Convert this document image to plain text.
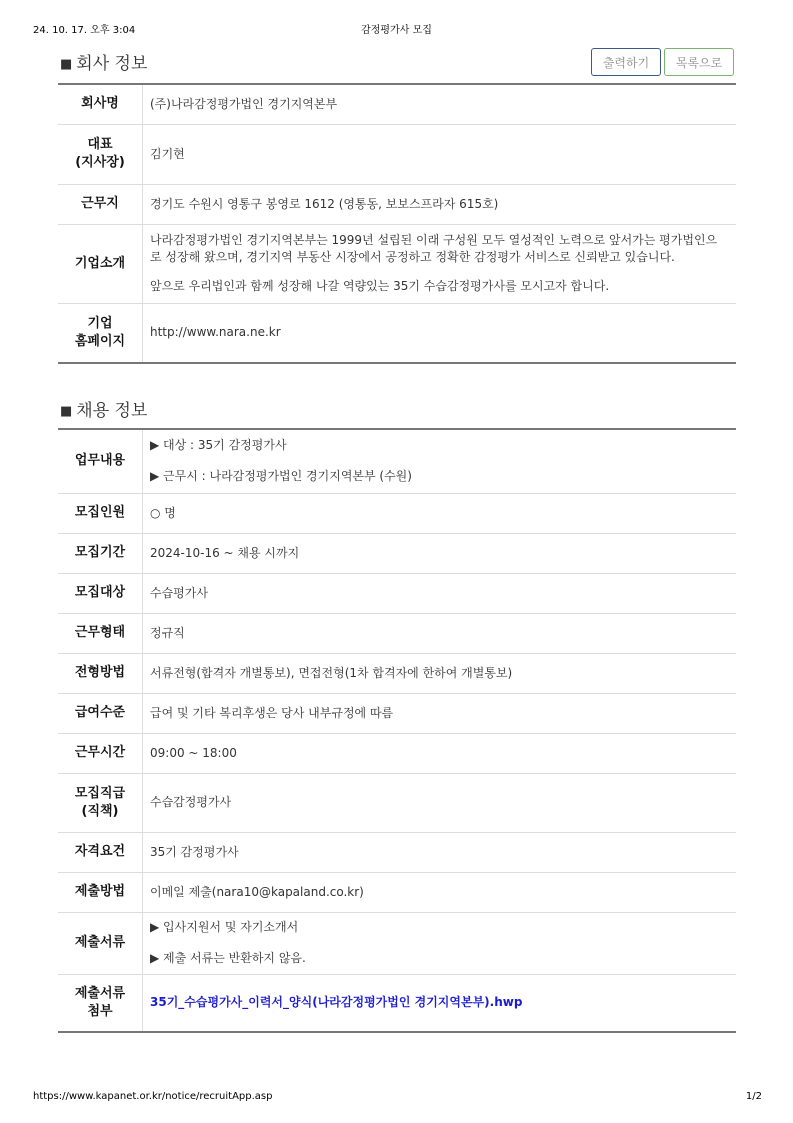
24. 10. 17. 오후 3:04	감정평가사 모집
■ 회사 정보	출력하기	목록으로
회사명	(주)나라감정평가법인 경기지역본부

대표
(지사장)	김기현
근무지	경기도 수원시 영통구 봉영로 1612 (영통동, 보보스프라자 615호)
기업소개	나라감정평가법인 경기지역본부는 1999년 설립된 이래 구성원 모두 열성적인 노력으로 앞서가는 평가법인으로 성장해 왔으며, 경기지역 부동산 시장에서 공정하고 정확한 감정평가 서비스로 신뢰받고 있습니다.
앞으로 우리법인과 함께 성장해 나갈 역량있는 35기 수습감정평가사를 모시고자 합니다.

기업
홈페이지	http://www.nara.ne.kr
■ 채용 정보
업무내용	▶ 대상 : 35기 감정평가사
▶ 근무시 : 나라감정평가법인 경기지역본부 (수원)

모집인원	○ 명
모집기간	2024-10-16 ~ 채용 시까지
모집대상	수습평가사
근무형태	정규직
전형방법	서류전형(합격자 개별통보), 면접전형(1차 합격자에 한하여 개별통보)
급여수준	급여 및 기타 복리후생은 당사 내부규정에 따름
근무시간	09:00 ~ 18:00

모집직급
(직책)	수습감정평가사
자격요건	35기 감정평가사
제출방법	이메일 제출(nara10@kapaland.co.kr)
제출서류	▶ 입사지원서 및 자기소개서
▶ 제출 서류는 반환하지 않음.

제출서류
첨부	35기_수습평가사_이력서_양식(나라감정평가법인 경기지역본부).hwp
https://www.kapanet.or.kr/notice/recruitApp.asp	1/2
